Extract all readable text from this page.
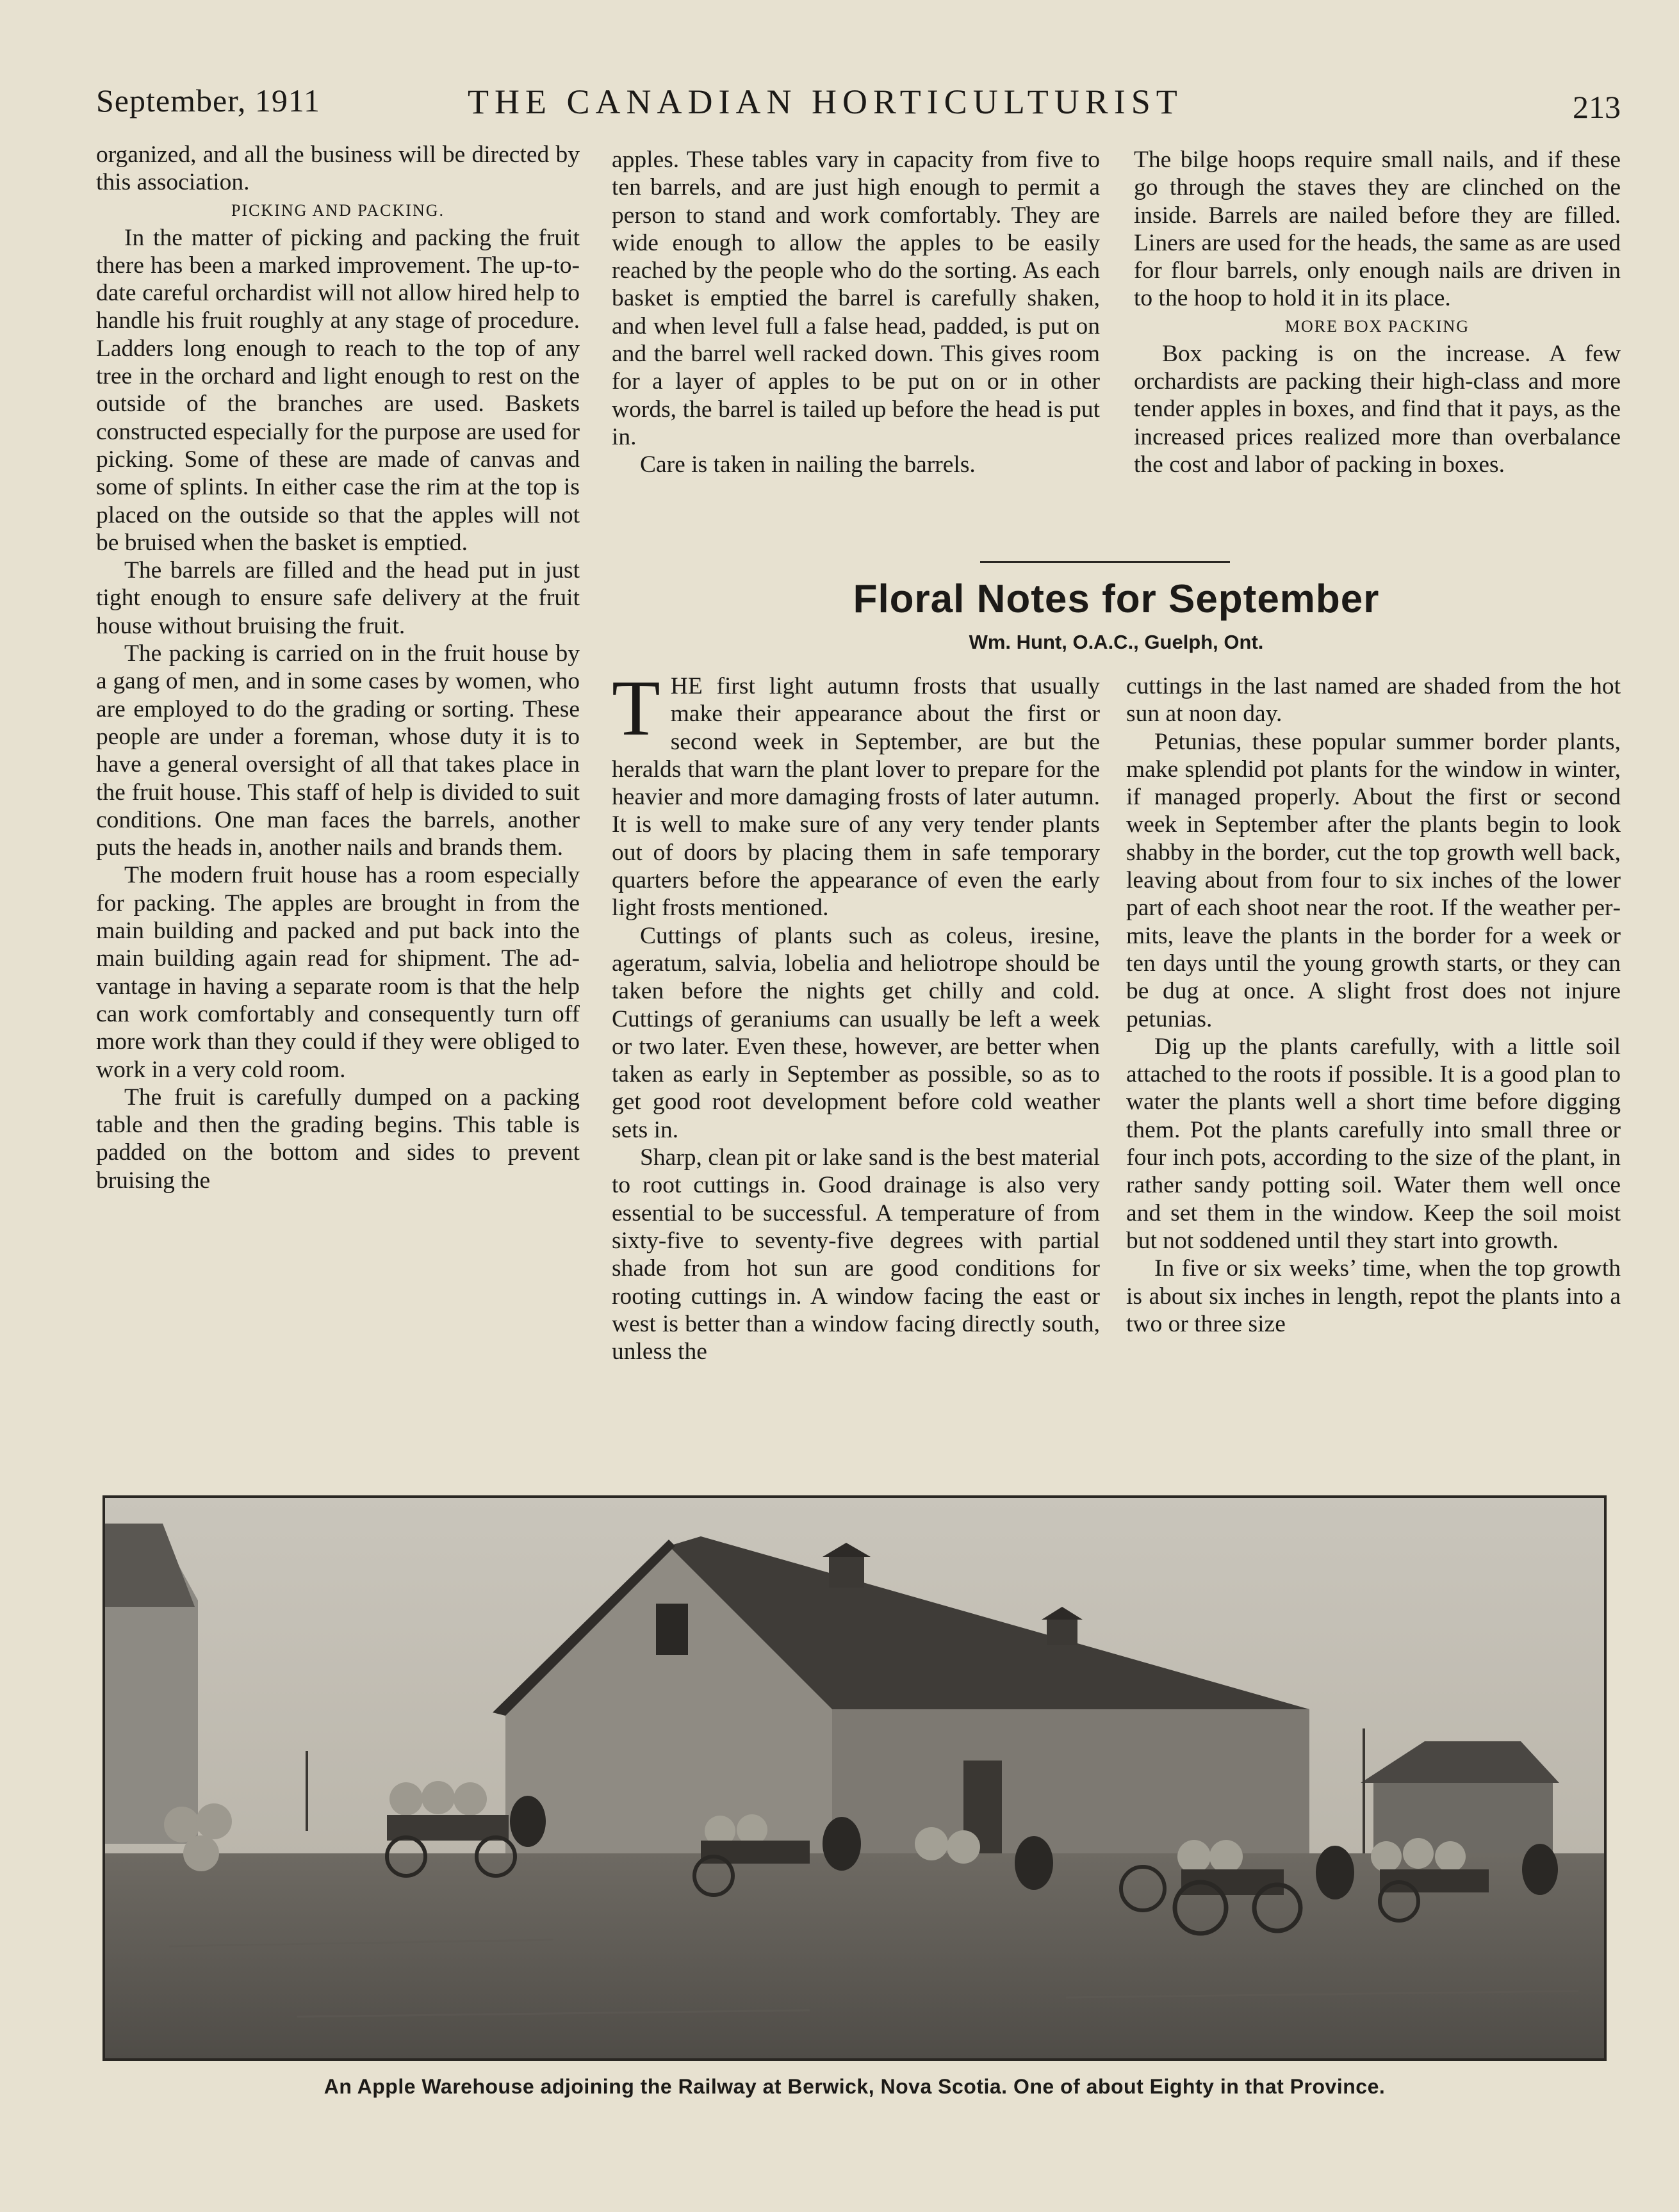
September, 1911	THE CANADIAN HORTICULTURIST	213

organized, and all the business will be directed by this association.

PICKING AND PACKING.

In the matter of picking and packing the fruit there has been a marked improvement. The up-to-date careful orchardist will not allow hired help to handle his fruit roughly at any stage of procedure. Ladders long enough to reach to the top of any tree in the orchard and light enough to rest on the outside of the branches are used. Baskets constructed especially for the purpose are used for picking. Some of these are made of canvas and some of splints. In either case the rim at the top is placed on the outside so that the apples will not be bruised when the basket is emptied.

The barrels are filled and the head put in just tight enough to ensure safe delivery at the fruit house without bruising the fruit.

The packing is carried on in the fruit house by a gang of men, and in some cases by women, who are employed to do the grading or sorting. These people are under a foreman, whose duty it is to have a general oversight of all that takes place in the fruit house. This staff of help is divided to suit conditions. One man faces the barrels, another puts the heads in, another nails and brands them.

The modern fruit house has a room especially for packing. The apples are brought in from the main building and packed and put back into the main building again read for shipment. The advantage in having a separate room is that the help can work comfortably and consequently turn off more work than they could if they were obliged to work in a very cold room.

The fruit is carefully dumped on a packing table and then the grading begins. This table is padded on the bottom and sides to prevent bruising the

apples. These tables vary in capacity from five to ten barrels, and are just high enough to permit a person to stand and work comfortably. They are wide enough to allow the apples to be easily reached by the people who do the sorting. As each basket is emptied the barrel is carefully shaken, and when level full a false head, padded, is put on and the barrel well racked down. This gives room for a layer of apples to be put on or in other words, the barrel is tailed up before the head is put in.

Care is taken in nailing the barrels.

The bilge hoops require small nails, and if these go through the staves they are clinched on the inside. Barrels are nailed before they are filled. Liners are used for the heads, the same as are used for flour barrels, only enough nails are driven in to the hoop to hold it in its place.

MORE BOX PACKING

Box packing is on the increase. A few orchardists are packing their high-class and more tender apples in boxes, and find that it pays, as the increased prices realized more than overbalance the cost and labor of packing in boxes.

Floral Notes for September
Wm. Hunt, O.A.C., Guelph, Ont.

THE first light autumn frosts that usually make their appearance about the first or second week in September, are but the heralds that warn the plant lover to prepare for the heavier and more damaging frosts of later autumn. It is well to make sure of any very tender plants out of doors by placing them in safe temporary quarters before the appearance of even the early light frosts mentioned.

Cuttings of plants such as coleus, iresine, ageratum, salvia, lobelia and heliotrope should be taken before the nights get chilly and cold. Cuttings of geraniums can usually be left a week or two later. Even these, however, are better when taken as early in September as possible, so as to get good root development before cold weather sets in.

Sharp, clean pit or lake sand is the best material to root cuttings in. Good drainage is also very essential to be successful. A temperature of from sixty-five to seventy-five degrees with partial shade from hot sun are good conditions for rooting cuttings in. A window facing the east or west is better than a window facing directly south, unless the

cuttings in the last named are shaded from the hot sun at noon day.

Petunias, these popular summer border plants, make splendid pot plants for the window in winter, if managed properly. About the first or second week in September after the plants begin to look shabby in the border, cut the top growth well back, leaving about from four to six inches of the lower part of each shoot near the root. If the weather permits, leave the plants in the border for a week or ten days until the young growth starts, or they can be dug at once. A slight frost does not injure petunias.

Dig up the plants carefully, with a little soil attached to the roots if possible. It is a good plan to water the plants well a short time before digging them. Pot the plants carefully into small three or four inch pots, according to the size of the plant, in rather sandy potting soil. Water them well once and set them in the window. Keep the soil moist but not soddened until they start into growth.

In five or six weeks’ time, when the top growth is about six inches in length, repot the plants into a two or three size

An Apple Warehouse adjoining the Railway at Berwick, Nova Scotia. One of about Eighty in that Province.
